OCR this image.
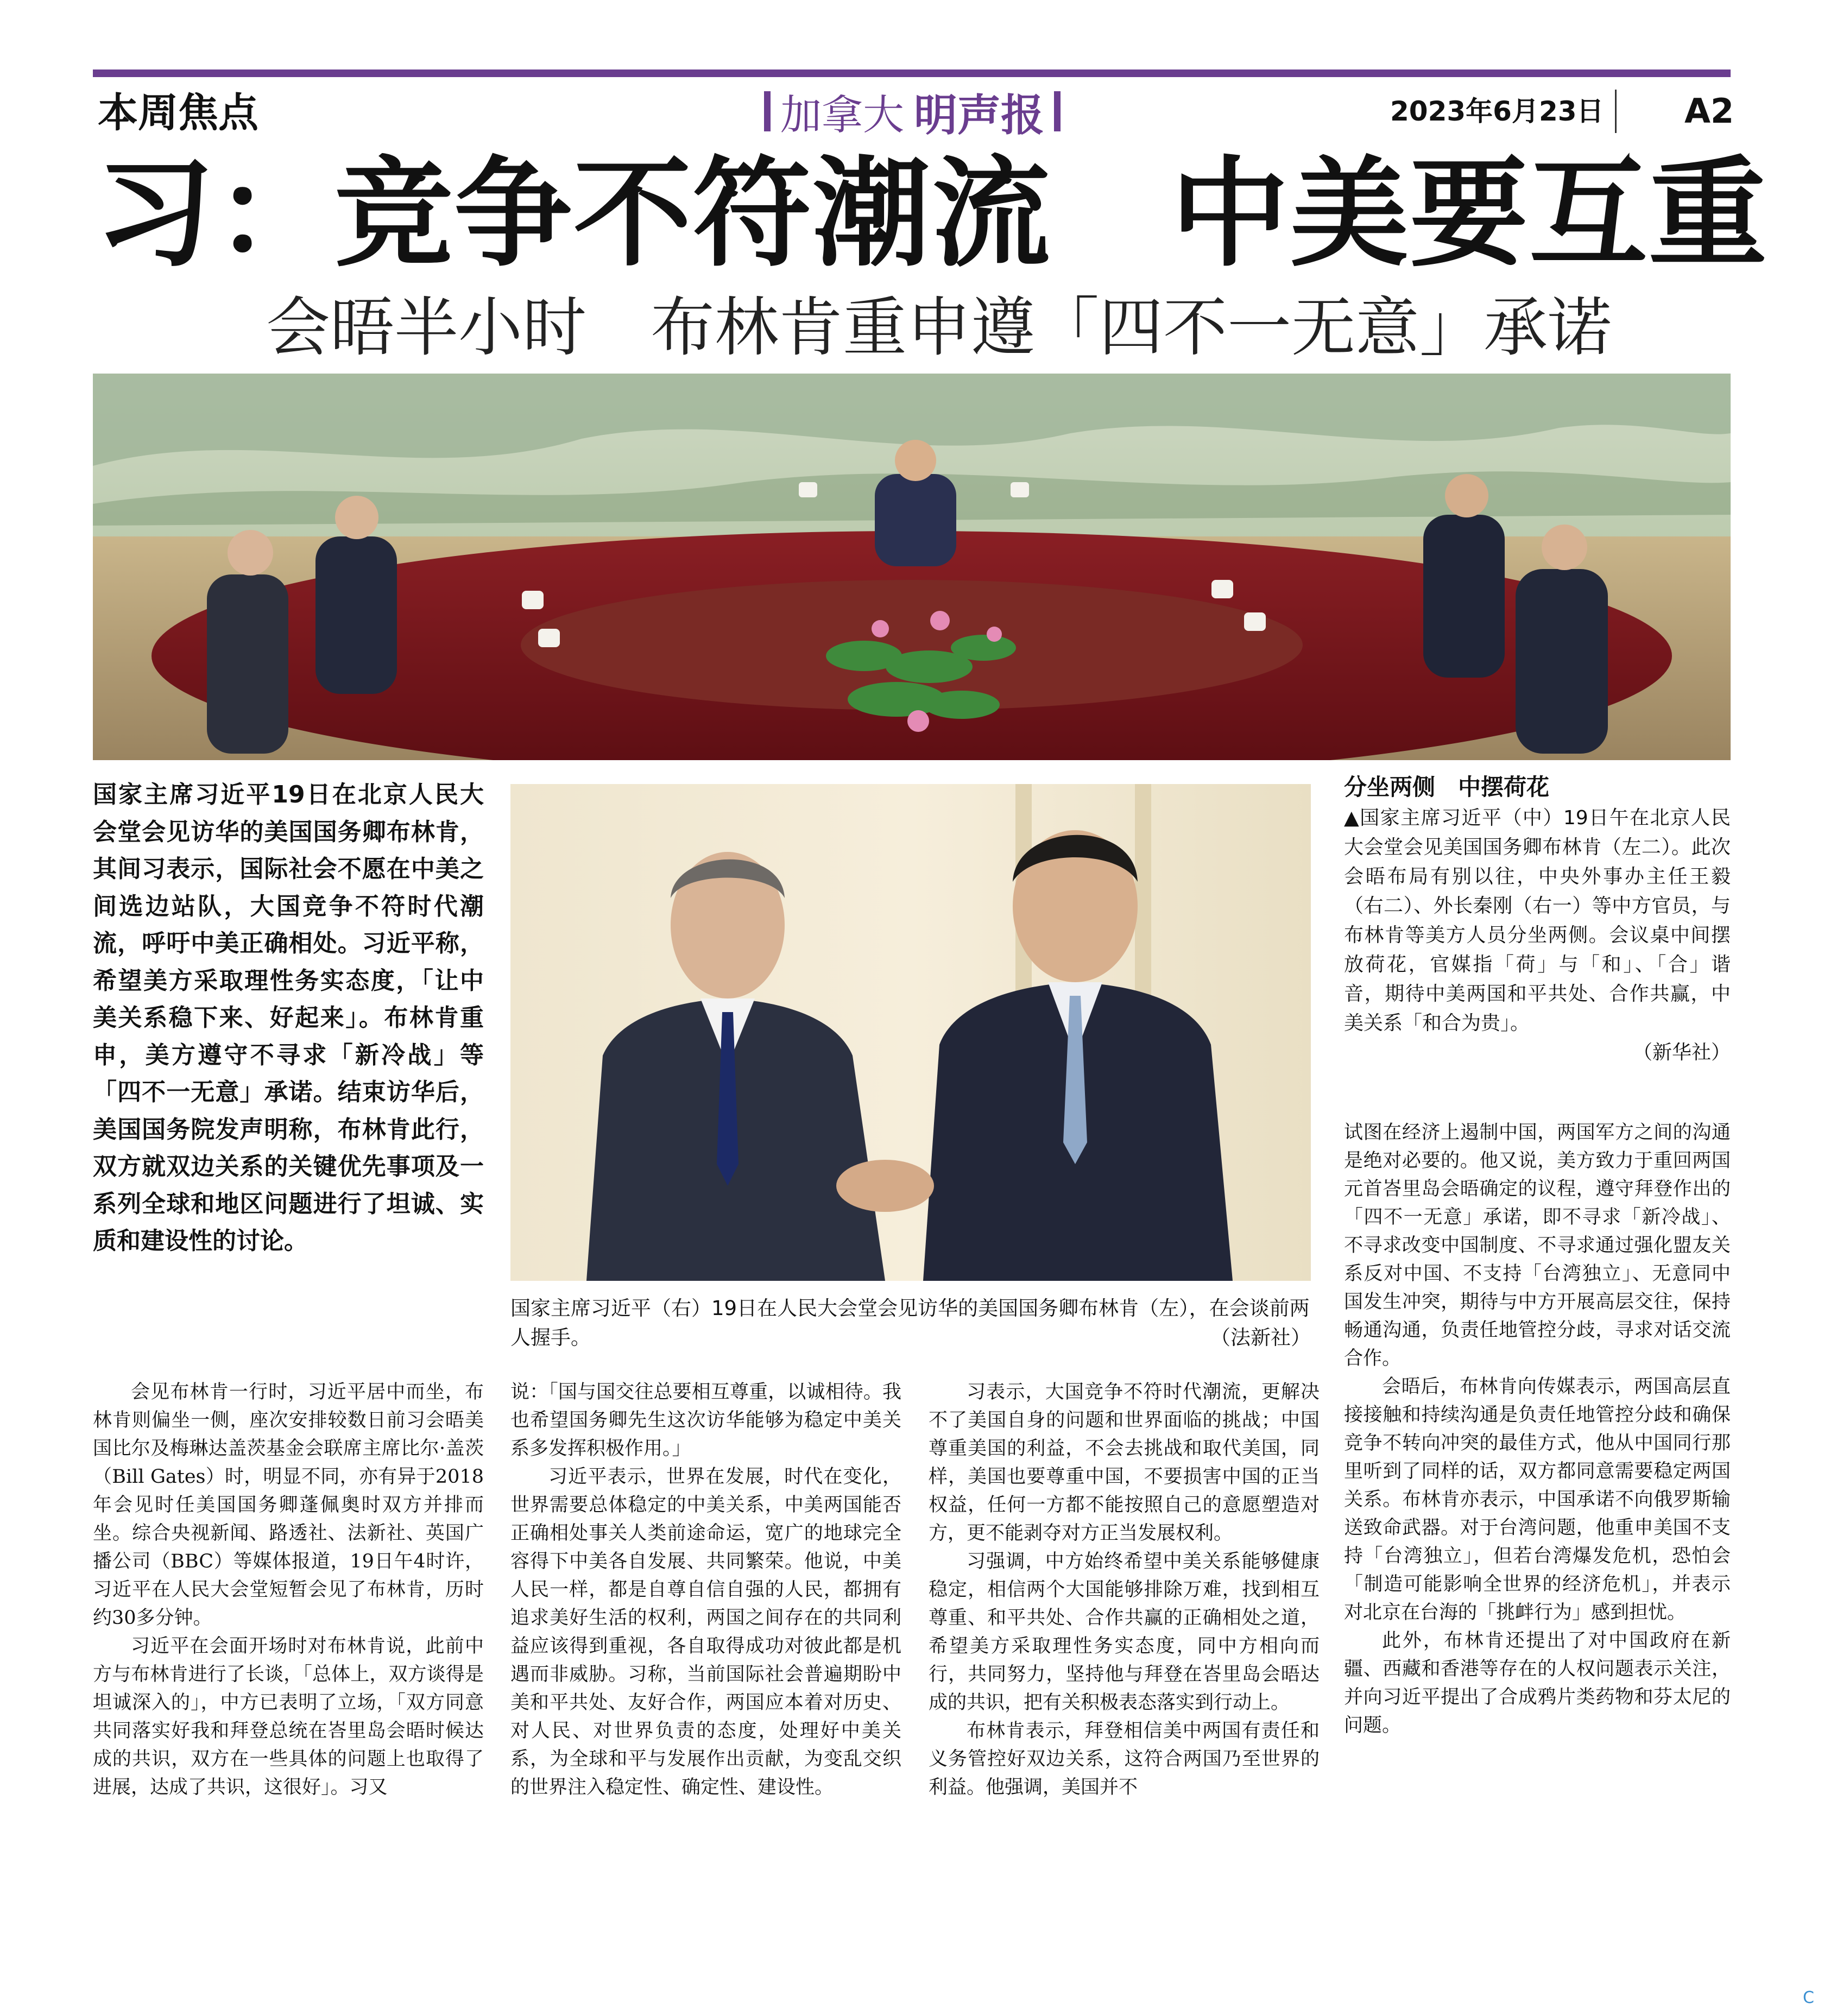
本周焦点	加拿大 明声报	2023年6月23日 A2
习：竞争不符潮流　中美要互重
会晤半小时　布林肯重申遵「四不一无意」承诺
国家主席习近平19日在北京人民大会堂会见访华的美国国务卿布林肯，其间习表示，国际社会不愿在中美之间选边站队，大国竞争不符时代潮流，呼吁中美正确相处。习近平称，希望美方采取理性务实态度，「让中美关系稳下来、好起来」。布林肯重申，美方遵守不寻求「新冷战」等「四不一无意」承诺。结束访华后，美国国务院发声明称，布林肯此行，双方就双边关系的关键优先事项及一系列全球和地区问题进行了坦诚、实质和建设性的讨论。
国家主席习近平（右）19日在人民大会堂会见访华的美国国务卿布林肯（左），在会谈前两人握手。	（法新社）
分坐两侧　中摆荷花
▲国家主席习近平（中）19日午在北京人民大会堂会见美国国务卿布林肯（左二）。此次会晤布局有别以往，中央外事办主任王毅（右二）、外长秦刚（右一）等中方官员，与布林肯等美方人员分坐两侧。会议桌中间摆放荷花，官媒指「荷」与「和」、「合」谐音，期待中美两国和平共处、合作共赢，中美关系「和合为贵」。
（新华社）

会见布林肯一行时，习近平居中而坐，布林肯则偏坐一侧，座次安排较数日前习会晤美国比尔及梅琳达盖茨基金会联席主席比尔·盖茨（Bill Gates）时，明显不同，亦有异于2018年会见时任美国国务卿蓬佩奥时双方并排而坐。综合央视新闻、路透社、法新社、英国广播公司（BBC）等媒体报道，19日午4时许，习近平在人民大会堂短暂会见了布林肯，历时约30多分钟。

习近平在会面开场时对布林肯说，此前中方与布林肯进行了长谈，「总体上，双方谈得是坦诚深入的」，中方已表明了立场，「双方同意共同落实好我和拜登总统在峇里岛会晤时候达成的共识，双方在一些具体的问题上也取得了进展，达成了共识，这很好」。习又

说：「国与国交往总要相互尊重，以诚相待。我也希望国务卿先生这次访华能够为稳定中美关系多发挥积极作用。」

习近平表示，世界在发展，时代在变化，世界需要总体稳定的中美关系，中美两国能否正确相处事关人类前途命运，宽广的地球完全容得下中美各自发展、共同繁荣。他说，中美人民一样，都是自尊自信自强的人民，都拥有追求美好生活的权利，两国之间存在的共同利益应该得到重视，各自取得成功对彼此都是机遇而非威胁。习称，当前国际社会普遍期盼中美和平共处、友好合作，两国应本着对历史、对人民、对世界负责的态度，处理好中美关系，为全球和平与发展作出贡献，为变乱交织的世界注入稳定性、确定性、建设性。

习表示，大国竞争不符时代潮流，更解决不了美国自身的问题和世界面临的挑战；中国尊重美国的利益，不会去挑战和取代美国，同样，美国也要尊重中国，不要损害中国的正当权益，任何一方都不能按照自己的意愿塑造对方，更不能剥夺对方正当发展权利。

习强调，中方始终希望中美关系能够健康稳定，相信两个大国能够排除万难，找到相互尊重、和平共处、合作共赢的正确相处之道，希望美方采取理性务实态度，同中方相向而行，共同努力，坚持他与拜登在峇里岛会晤达成的共识，把有关积极表态落实到行动上。

布林肯表示，拜登相信美中两国有责任和义务管控好双边关系，这符合两国乃至世界的利益。他强调，美国并不

试图在经济上遏制中国，两国军方之间的沟通是绝对必要的。他又说，美方致力于重回两国元首峇里岛会晤确定的议程，遵守拜登作出的「四不一无意」承诺，即不寻求「新冷战」、不寻求改变中国制度、不寻求通过强化盟友关系反对中国、不支持「台湾独立」、无意同中国发生冲突，期待与中方开展高层交往，保持畅通沟通，负责任地管控分歧，寻求对话交流合作。

会晤后，布林肯向传媒表示，两国高层直接接触和持续沟通是负责任地管控分歧和确保竞争不转向冲突的最佳方式，他从中国同行那里听到了同样的话，双方都同意需要稳定两国关系。布林肯亦表示，中国承诺不向俄罗斯输送致命武器。对于台湾问题，他重申美国不支持「台湾独立」，但若台湾爆发危机，恐怕会「制造可能影响全世界的经济危机」，并表示对北京在台海的「挑衅行为」感到担忧。

此外，布林肯还提出了对中国政府在新疆、西藏和香港等存在的人权问题表示关注，并向习近平提出了合成鸦片类药物和芬太尼的问题。

C
